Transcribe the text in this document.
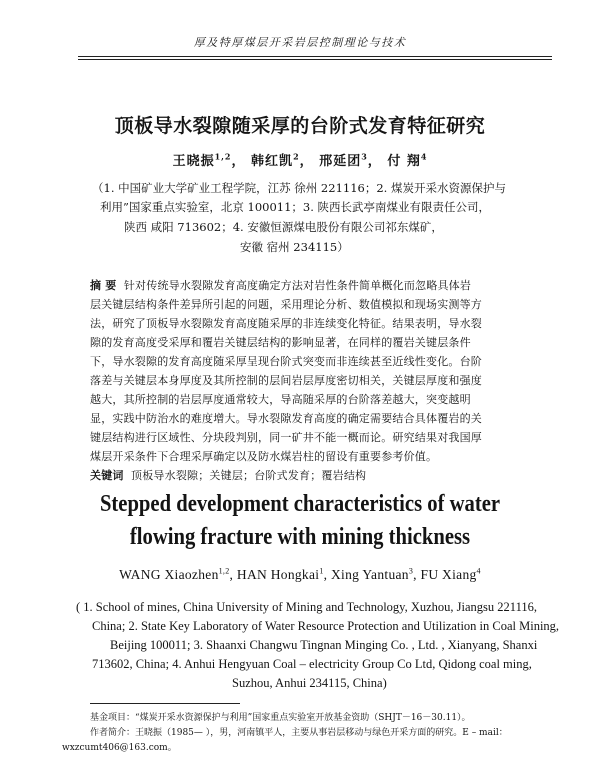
厚及特厚煤层开采岩层控制理论与技术
顶板导水裂隙随采厚的台阶式发育特征研究
王晓振$^{1,2}$， 韩红凯$^2$， 邢延团$^3$， 付 翔$^4$
（1. 中国矿业大学矿业工程学院，江苏 徐州 221116；2. 煤炭开采水资源保护与
利用”国家重点实验室，北京 100011；3. 陕西长武亭南煤业有限责任公司，
陕西 咸阳 713602；4. 安徽恒源煤电股份有限公司祁东煤矿，
安徽 宿州 234115）
摘 要 针对传统导水裂隙发育高度确定方法对岩性条件简单概化而忽略具体岩
层关键层结构条件差异所引起的问题，采用理论分析、数值模拟和现场实测等方
法，研究了顶板导水裂隙发育高度随采厚的非连续变化特征。结果表明，导水裂
隙的发育高度受采厚和覆岩关键层结构的影响显著，在同样的覆岩关键层条件
下，导水裂隙的发育高度随采厚呈现台阶式突变而非连续甚至近线性变化。台阶
落差与关键层本身厚度及其所控制的层间岩层厚度密切相关，关键层厚度和强度
越大，其所控制的岩层厚度通常较大，导高随采厚的台阶落差越大，突变越明
显，实践中防治水的难度增大。导水裂隙发育高度的确定需要结合具体覆岩的关
键层结构进行区域性、分块段判别，同一矿井不能一概而论。研究结果对我国厚
煤层开采条件下合理采厚确定以及防水煤岩柱的留设有重要参考价值。
关键词 顶板导水裂隙；关键层；台阶式发育；覆岩结构
Stepped development characteristics of water
flowing fracture with mining thickness
WANG Xiaozhen$^{1,2}$, HAN Hongkai$^1$, Xing Yantuan$^3$, FU Xiang$^4$
( 1. School of mines, China University of Mining and Technology, Xuzhou, Jiangsu 221116,
China; 2. State Key Laboratory of Water Resource Protection and Utilization in Coal Mining,
Beijing 100011; 3. Shaanxi Changwu Tingnan Minging Co. , Ltd. , Xianyang, Shanxi
713602, China; 4. Anhui Hengyuan Coal – electricity Group Co Ltd, Qidong coal ming,
Suzhou, Anhui 234115, China)
基金项目：“煤炭开采水资源保护与利用”国家重点实验室开放基金资助（SHJT－16－30.11）。
作者简介：王晓振（1985— ），男，河南镇平人，主要从事岩层移动与绿色开采方面的研究。E – mail：
wxzcumt406@163.com。
